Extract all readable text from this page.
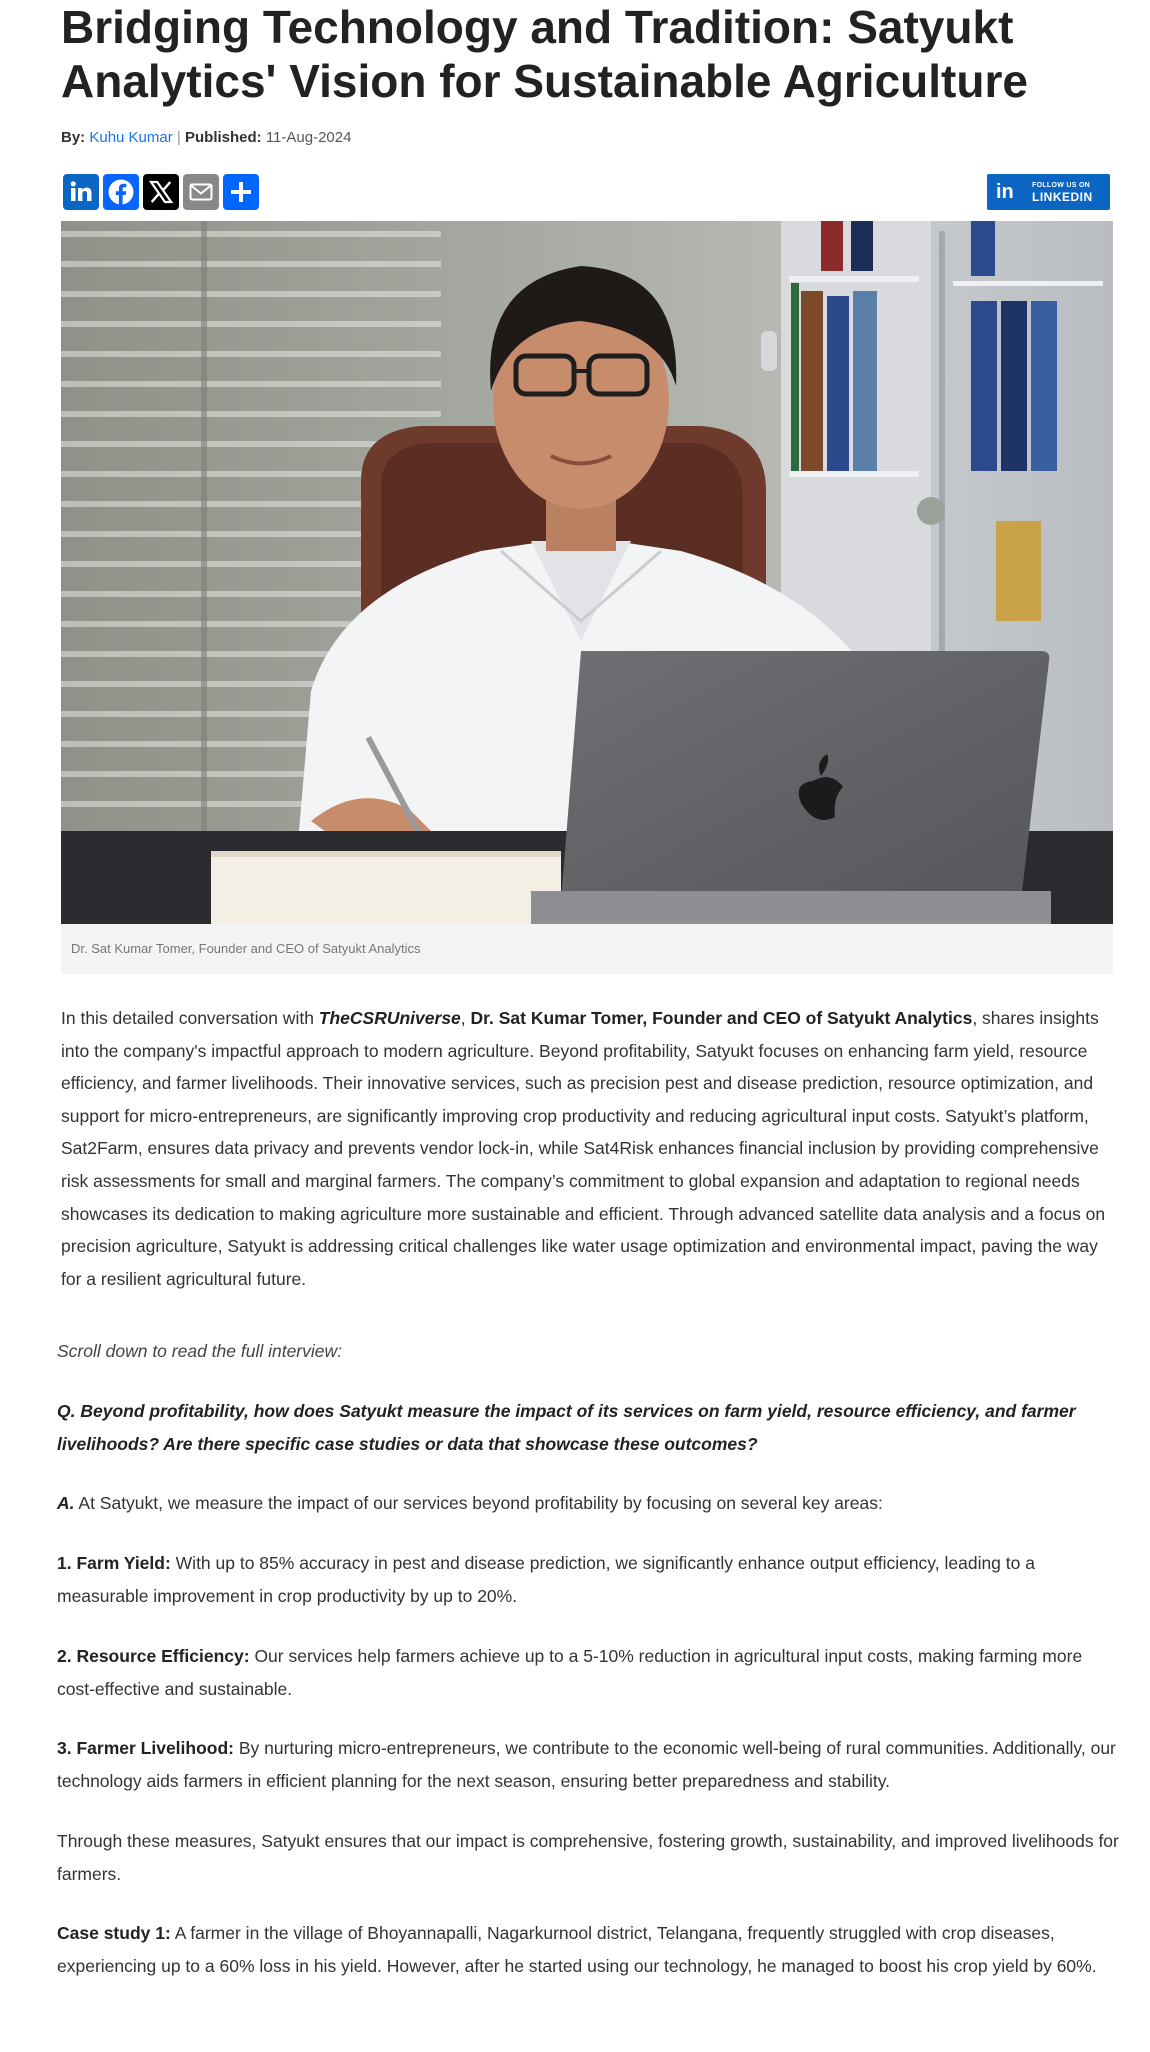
Bridging Technology and Tradition: Satyukt Analytics' Vision for Sustainable Agriculture
By: Kuhu Kumar | Published: 11-Aug-2024
in	FOLLOW US ON
LINKEDIN
Dr. Sat Kumar Tomer, Founder and CEO of Satyukt Analytics

In this detailed conversation with TheCSRUniverse, Dr. Sat Kumar Tomer, Founder and CEO of Satyukt Analytics, shares insights into the company's impactful approach to modern agriculture. Beyond profitability, Satyukt focuses on enhancing farm yield, resource efficiency, and farmer livelihoods. Their innovative services, such as precision pest and disease prediction, resource optimization, and support for micro-entrepreneurs, are significantly improving crop productivity and reducing agricultural input costs. Satyukt’s platform, Sat2Farm, ensures data privacy and prevents vendor lock-in, while Sat4Risk enhances financial inclusion by providing comprehensive risk assessments for small and marginal farmers. The company’s commitment to global expansion and adaptation to regional needs showcases its dedication to making agriculture more sustainable and efficient. Through advanced satellite data analysis and a focus on precision agriculture, Satyukt is addressing critical challenges like water usage optimization and environmental impact, paving the way for a resilient agricultural future.

Scroll down to read the full interview:

Q. Beyond profitability, how does Satyukt measure the impact of its services on farm yield, resource efficiency, and farmer livelihoods? Are there specific case studies or data that showcase these outcomes?

A. At Satyukt, we measure the impact of our services beyond profitability by focusing on several key areas:

1. Farm Yield: With up to 85% accuracy in pest and disease prediction, we significantly enhance output efficiency, leading to a measurable improvement in crop productivity by up to 20%.

2. Resource Efficiency: Our services help farmers achieve up to a 5-10% reduction in agricultural input costs, making farming more cost-effective and sustainable.

3. Farmer Livelihood: By nurturing micro-entrepreneurs, we contribute to the economic well-being of rural communities. Additionally, our technology aids farmers in efficient planning for the next season, ensuring better preparedness and stability.

Through these measures, Satyukt ensures that our impact is comprehensive, fostering growth, sustainability, and improved livelihoods for farmers.

Case study 1: A farmer in the village of Bhoyannapalli, Nagarkurnool district, Telangana, frequently struggled with crop diseases, experiencing up to a 60% loss in his yield. However, after he started using our technology, he managed to boost his crop yield by 60%.
